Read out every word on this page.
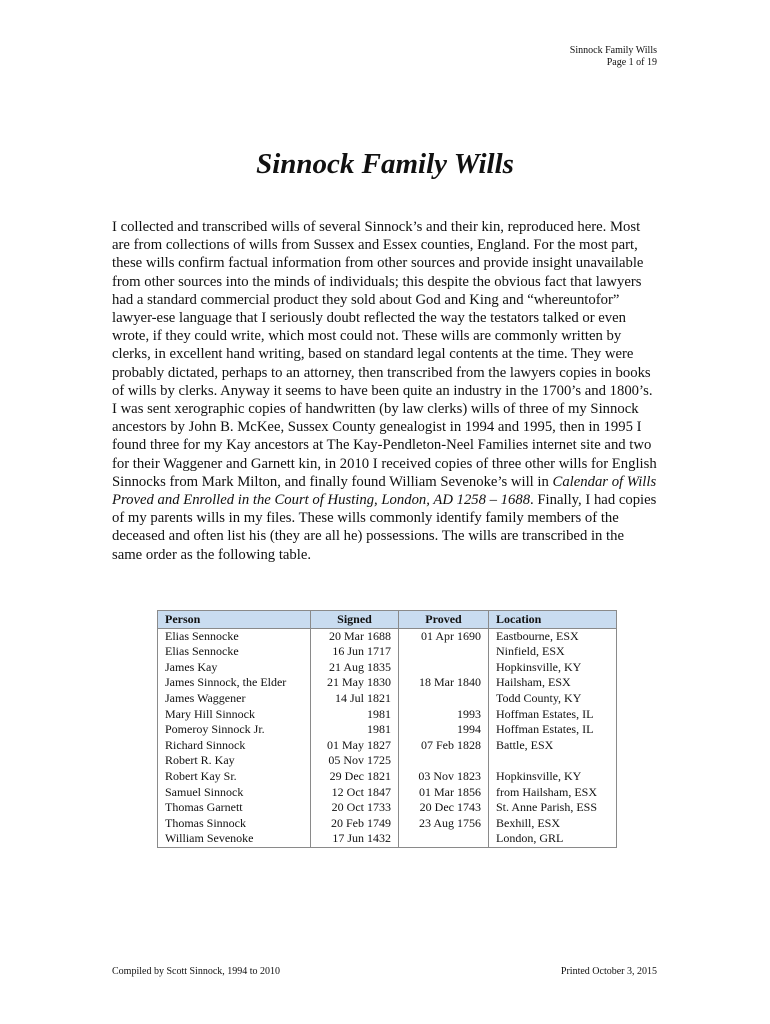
Sinnock Family Wills
Page 1 of 19
Sinnock Family Wills
I collected and transcribed wills of several Sinnock’s and their kin, reproduced here. Most are from collections of wills from Sussex and Essex counties, England. For the most part, these wills confirm factual information from other sources and provide insight unavailable from other sources into the minds of individuals; this despite the obvious fact that lawyers had a standard commercial product they sold about God and King and “whereuntofor” lawyer-ese language that I seriously doubt reflected the way the testators talked or even wrote, if they could write, which most could not. These wills are commonly written by clerks, in excellent hand writing, based on standard legal contents at the time. They were probably dictated, perhaps to an attorney, then transcribed from the lawyers copies in books of wills by clerks. Anyway it seems to have been quite an industry in the 1700’s and 1800’s. I was sent xerographic copies of handwritten (by law clerks) wills of three of my Sinnock ancestors by John B. McKee, Sussex County genealogist in 1994 and 1995, then in 1995 I found three for my Kay ancestors at The Kay-Pendleton-Neel Families internet site and two for their Waggener and Garnett kin, in 2010 I received copies of three other wills for English Sinnocks from Mark Milton, and finally found William Sevenoke’s will in Calendar of Wills Proved and Enrolled in the Court of Husting, London, AD 1258 – 1688. Finally, I had copies of my parents wills in my files. These wills commonly identify family members of the deceased and often list his (they are all he) possessions. The wills are transcribed in the same order as the following table.
Person	Signed	Proved	Location
Elias Sennocke	20 Mar 1688	01 Apr 1690	Eastbourne, ESX
Elias Sennocke	16 Jun 1717		Ninfield, ESX
James Kay	21 Aug 1835		Hopkinsville, KY
James Sinnock, the Elder	21 May 1830	18 Mar 1840	Hailsham, ESX
James Waggener	14 Jul 1821		Todd County, KY
Mary Hill Sinnock	1981	1993	Hoffman Estates, IL
Pomeroy Sinnock Jr.	1981	1994	Hoffman Estates, IL
Richard Sinnock	01 May 1827	07 Feb 1828	Battle, ESX
Robert R. Kay	05 Nov 1725		
Robert Kay Sr.	29 Dec 1821	03 Nov 1823	Hopkinsville, KY
Samuel Sinnock	12 Oct 1847	01 Mar 1856	from Hailsham, ESX
Thomas Garnett	20 Oct 1733	20 Dec 1743	St. Anne Parish, ESS
Thomas Sinnock	20 Feb 1749	23 Aug 1756	Bexhill, ESX
William Sevenoke	17 Jun 1432		London, GRL
Compiled by Scott Sinnock, 1994 to 2010	Printed October 3, 2015
